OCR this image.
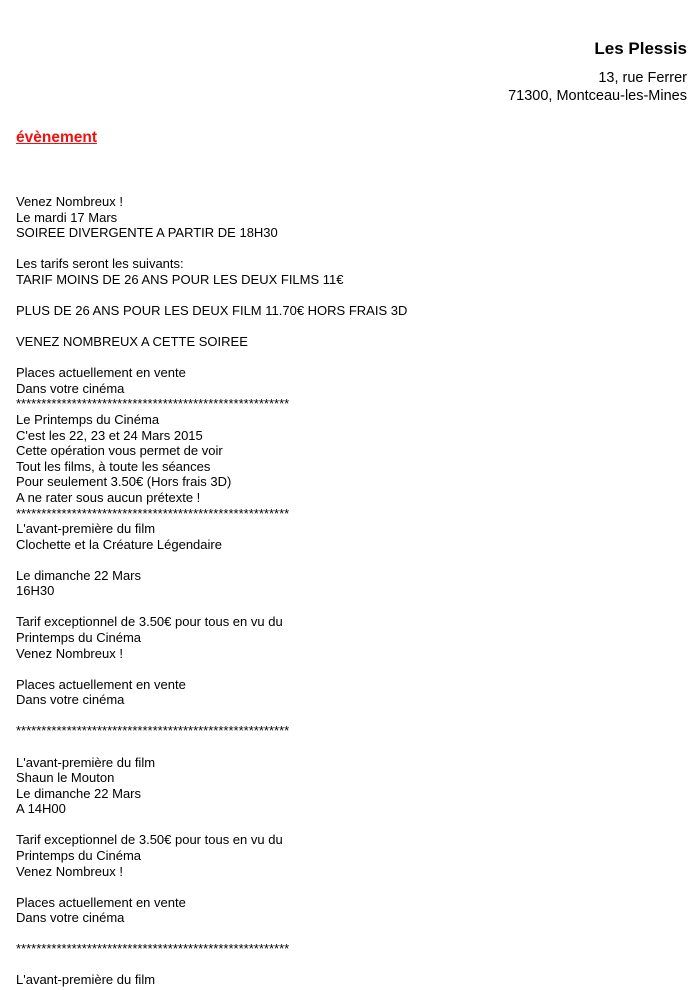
Les Plessis
13, rue Ferrer
71300, Montceau-les-Mines
évènement
Venez Nombreux !
Le mardi 17 Mars
SOIREE DIVERGENTE A PARTIR DE 18H30
Les tarifs seront les suivants:
TARIF MOINS DE 26 ANS POUR LES DEUX FILMS 11€
PLUS DE 26 ANS POUR LES DEUX FILM 11.70€ HORS FRAIS 3D
VENEZ NOMBREUX A CETTE SOIREE
Places actuellement en vente
Dans votre cinéma
******************************************************
Le Printemps du Cinéma
C'est les 22, 23 et 24 Mars 2015
Cette opération vous permet de voir
Tout les films, à toute les séances
Pour seulement 3.50€ (Hors frais 3D)
A ne rater sous aucun prétexte !
******************************************************
L'avant-première du film
Clochette et la Créature Légendaire
Le dimanche 22 Mars
16H30
Tarif exceptionnel de 3.50€ pour tous en vu du
Printemps du Cinéma
Venez Nombreux !
Places actuellement en vente
Dans votre cinéma
******************************************************
L'avant-première du film
Shaun le Mouton
Le dimanche 22 Mars
A 14H00
Tarif exceptionnel de 3.50€ pour tous en vu du
Printemps du Cinéma
Venez Nombreux !
Places actuellement en vente
Dans votre cinéma
******************************************************
L'avant-première du film
